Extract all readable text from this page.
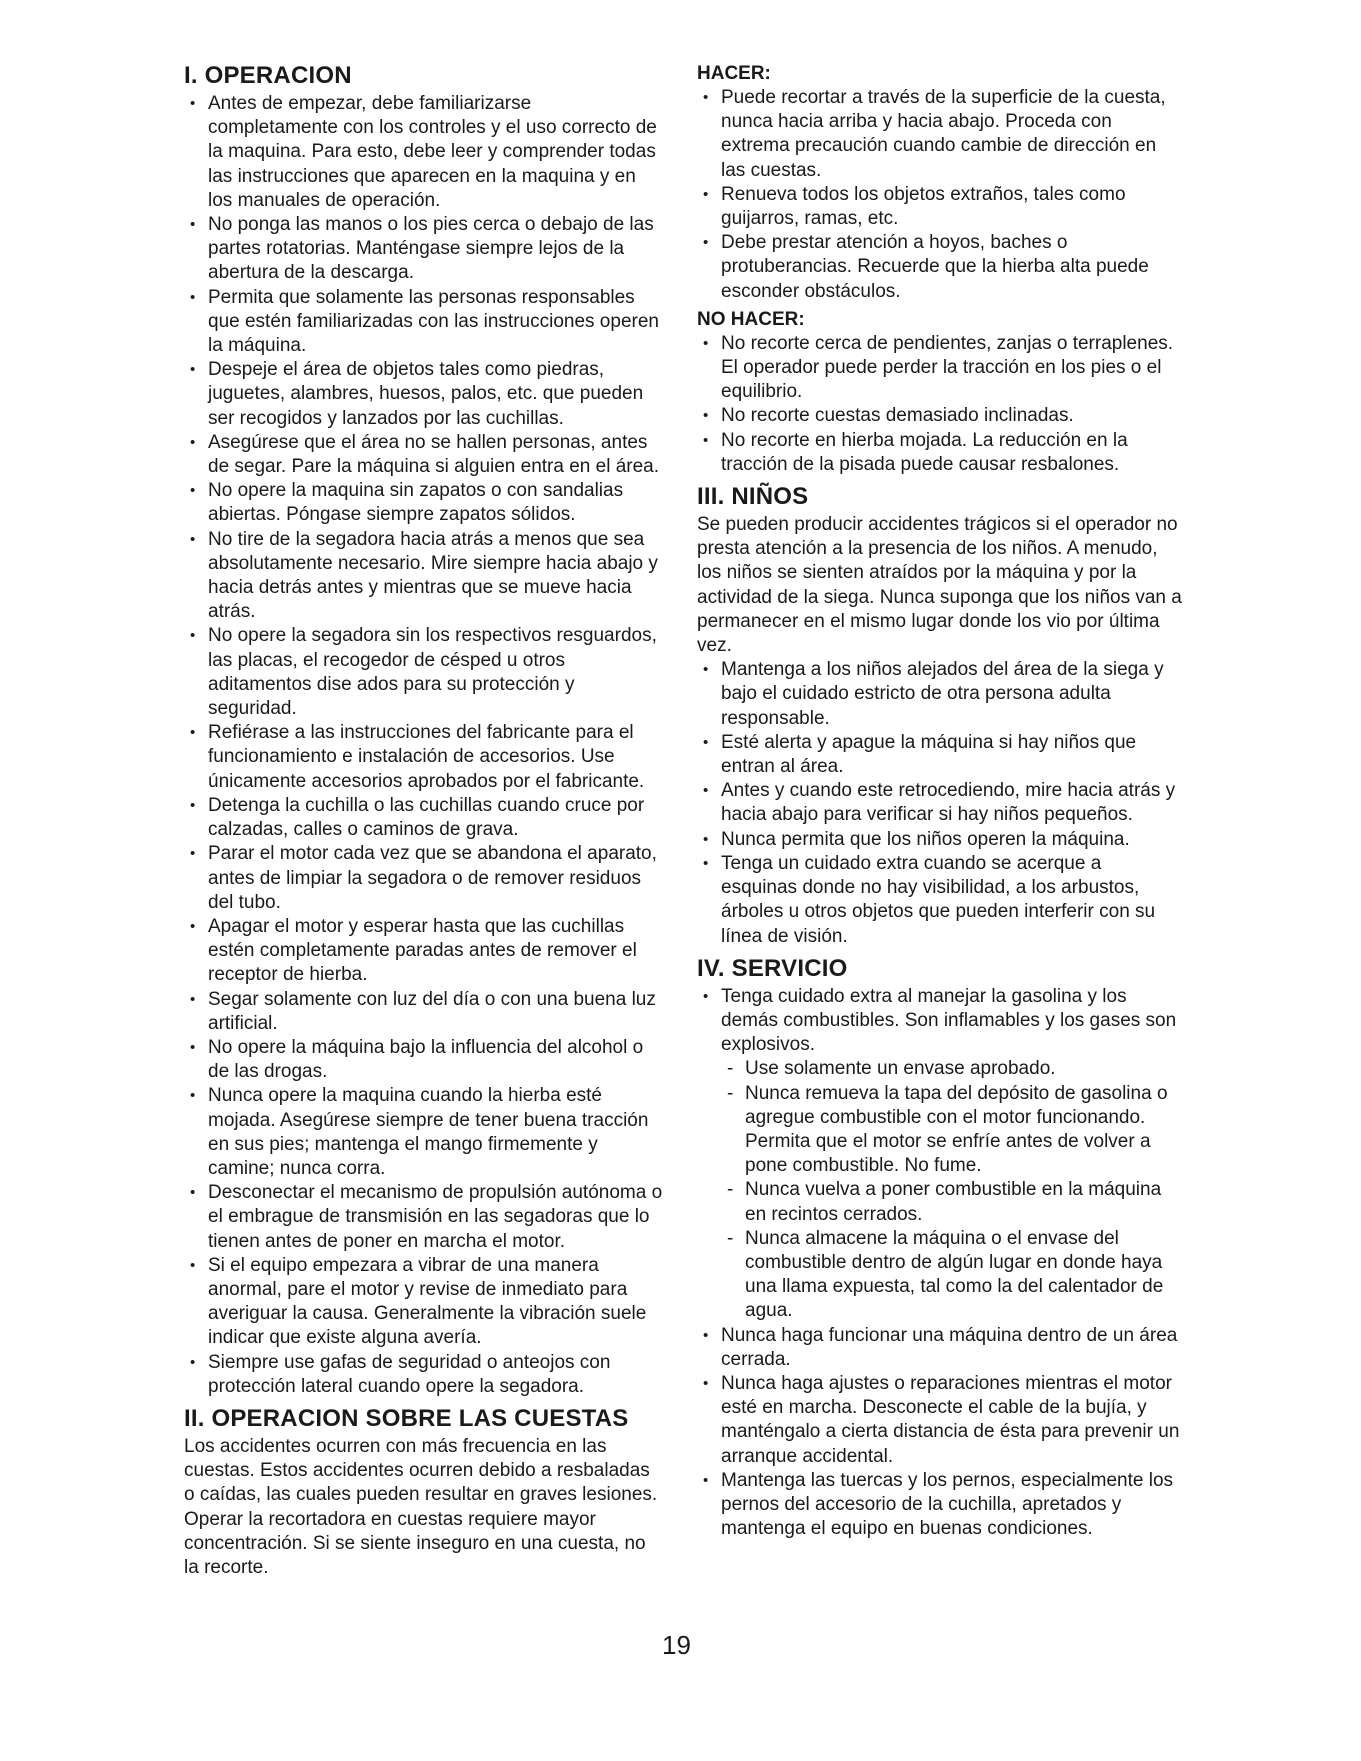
I. OPERACION
• Antes de empezar, debe familiarizarse completamente con los controles y el uso correcto de la maquina. Para esto, debe leer y comprender todas las instrucciones que aparecen en la maquina y en los manuales de operación.
• No ponga las manos o los pies cerca o debajo de las partes rotatorias. Manténgase siempre lejos de la abertura de la descarga.
• Permita que solamente las personas responsables que estén familiarizadas con las instrucciones operen la máquina.
• Despeje el área de objetos tales como piedras, juguetes, alambres, huesos, palos, etc. que pueden ser recogidos y lanzados por las cuchillas.
• Asegúrese que el área no se hallen personas, antes de segar. Pare la máquina si alguien entra en el área.
• No opere la maquina sin zapatos o con sandalias abiertas. Póngase siempre zapatos sólidos.
• No tire de la segadora hacia atrás a menos que sea absolutamente necesario. Mire siempre hacia abajo y hacia detrás antes y mientras que se mueve hacia atrás.
• No opere la segadora sin los respectivos resguardos, las placas, el recogedor de césped u otros aditamentos dise ados para su protección y seguridad.
• Refiérase a las instrucciones del fabricante para el funcionamiento e instalación de accesorios. Use únicamente accesorios aprobados por el fabricante.
• Detenga la cuchilla o las cuchillas cuando cruce por calzadas, calles o caminos de grava.
• Parar el motor cada vez que se abandona el aparato, antes de limpiar la segadora o de remover residuos del tubo.
• Apagar el motor y esperar hasta que las cuchillas estén completamente paradas antes de remover el receptor de hierba.
• Segar solamente con luz del día o con una buena luz artificial.
• No opere la máquina bajo la influencia del alcohol o de las drogas.
• Nunca opere la maquina cuando la hierba esté mojada. Asegúrese siempre de tener buena tracción en sus pies; mantenga el mango firmemente y camine; nunca corra.
• Desconectar el mecanismo de propulsión autónoma o el embrague de transmisión en las segadoras que lo tienen antes de poner en marcha el motor.
• Si el equipo empezara a vibrar de una manera anormal, pare el motor y revise de inmediato para averiguar la causa. Generalmente la vibración suele indicar que existe alguna avería.
• Siempre use gafas de seguridad o anteojos con protección lateral cuando opere la segadora.
II. OPERACION SOBRE LAS CUESTAS

Los accidentes ocurren con más frecuencia en las cuestas. Estos accidentes ocurren debido a resbaladas o caídas, las cuales pueden resultar en graves lesiones. Operar la recortadora en cuestas requiere mayor concentración. Si se siente inseguro en una cuesta, no la recorte.

HACER:
• Puede recortar a través de la superficie de la cuesta, nunca hacia arriba y hacia abajo. Proceda con extrema precaución cuando cambie de dirección en las cuestas.
• Renueva todos los objetos extraños, tales como guijarros, ramas, etc.
• Debe prestar atención a hoyos, baches o protuberancias. Recuerde que la hierba alta puede esconder obstáculos.
NO HACER:
• No recorte cerca de pendientes, zanjas o terraplenes. El operador puede perder la tracción en los pies o el equilibrio.
• No recorte cuestas demasiado inclinadas.
• No recorte en hierba mojada. La reducción en la tracción de la pisada puede causar resbalones.
III. NIÑOS

Se pueden producir accidentes trágicos si el operador no presta atención a la presencia de los niños. A menudo, los niños se sienten atraídos por la máquina y por la actividad de la siega. Nunca suponga que los niños van a permanecer en el mismo lugar donde los vio por última vez.

• Mantenga a los niños alejados del área de la siega y bajo el cuidado estricto de otra persona adulta responsable.
• Esté alerta y apague la máquina si hay niños que entran al área.
• Antes y cuando este retrocediendo, mire hacia atrás y hacia abajo para verificar si hay niños pequeños.
• Nunca permita que los niños operen la máquina.
• Tenga un cuidado extra cuando se acerque a esquinas donde no hay visibilidad, a los arbustos, árboles u otros objetos que pueden interferir con su línea de visión.
IV. SERVICIO
• Tenga cuidado extra al manejar la gasolina y los demás combustibles. Son inflamables y los gases son explosivos.
- Use solamente un envase aprobado.
- Nunca remueva la tapa del depósito de gasolina o agregue combustible con el motor funcionando. Permita que el motor se enfríe antes de volver a pone combustible. No fume.
- Nunca vuelva a poner combustible en la máquina en recintos cerrados.
- Nunca almacene la máquina o el envase del combustible dentro de algún lugar en donde haya una llama expuesta, tal como la del calentador de agua.
• Nunca haga funcionar una máquina dentro de un área cerrada.
• Nunca haga ajustes o reparaciones mientras el motor esté en marcha. Desconecte el cable de la bujía, y manténgalo a cierta distancia de ésta para prevenir un arranque accidental.
• Mantenga las tuercas y los pernos, especialmente los pernos del accesorio de la cuchilla, apretados y mantenga el equipo en buenas condiciones.
19
